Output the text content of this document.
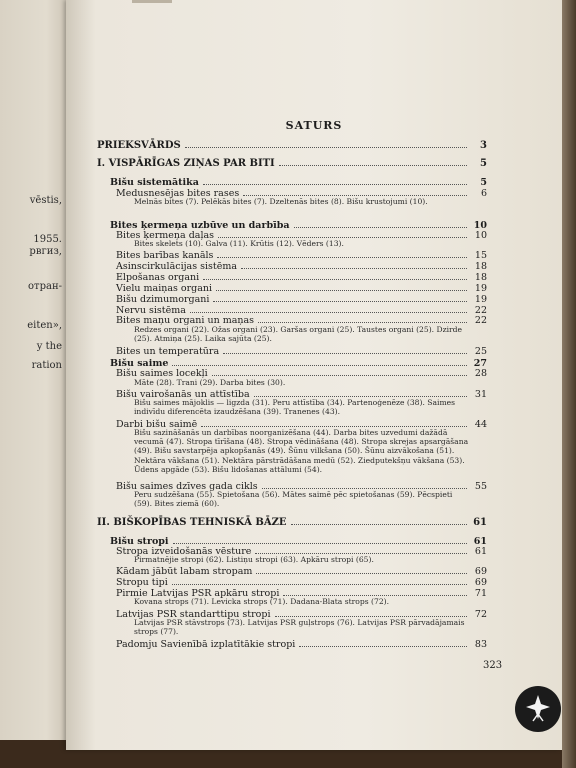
vēstis,
1955.
рвгиз,
отран-
eiten»,
y the
ration
SATURS
PRIEKSVĀRDS	3
I. VISPĀRĪGAS ZIŅAS PAR BITI	5
Bišu sistemātika	5
Medusnesējas bites rases	6
Bites ķermeņa uzbūve un darbība	10
Bites ķermeņa daļas	10
Bites barības kanāls	15
Asinscirkulācijas sistēma	18
Elpošanas organi	18
Vielu maiņas organi	19
Bišu dzimumorgani	19
Nervu sistēma	22
Bites maņu organi un maņas	22
Bites un temperatūra	25
Bišu saime	27
Bišu saimes locekļi	28
Bišu vairošanās un attīstība	31
Darbi bišu saimē	44
Bišu saimes dzīves gada cikls	55
II. BIŠKOPĪBAS TEHNISKĀ BĀZE	61
Bišu stropi	61
Stropa izveidošanās vēsture	61
Kādam jābūt labam stropam	69
Stropu tipi	69
Pirmie Latvijas PSR apkāru stropi	71
Latvijas PSR standarttipu stropi	72
Padomju Savienībā izplatītākie stropi	83
Melnās bites (7). Pelēkās bites (7). Dzeltenās bites (8). Bišu krustojumi (10).
Bites skelets (10). Galva (11). Krūtis (12). Vēders (13).
Redzes organi (22). Ožas organi (23). Garšas organi (25). Taustes organi (25). Dzirde (25). Atmiņa (25). Laika sajūta (25).
Māte (28). Trani (29). Darba bites (30).
Bišu saimes mājoklis — ligzda (31). Peru attīstība (34). Partenoģenēze (38). Saimes indivīdu diferencēta izaudzēšana (39). Tranenes (43).
Bišu sazināšanās un darbības noorganizēšana (44). Darba bites uzvedumi dažādā vecumā (47). Stropa tīrīšana (48). Stropa vēdināšana (48). Stropa skrejas apsargāšana (49). Bišu savstarpēja apkopšanās (49). Šūnu vilkšana (50). Šūnu aizvākošana (51). Nektāra vākšana (51). Nektāra pārstrādāšana medū (52). Ziedputekšņu vākšana (53). Ūdens apgāde (53). Bišu lidošanas attālumi (54).
Peru sudzēšana (55). Spietošana (56). Mātes saimē pēc spietošanas (59). Pēcspieti (59). Bites ziemā (60).
Pirmatnējie stropi (62). Listiņu stropi (63). Apkāru stropi (65).
Kovana strops (71). Levicka strops (71). Dadana-Blata strops (72).
Latvijas PSR stāvstrops (73). Latvijas PSR guļstrops (76). Latvijas PSR pārvadājamais strops (77).
323
